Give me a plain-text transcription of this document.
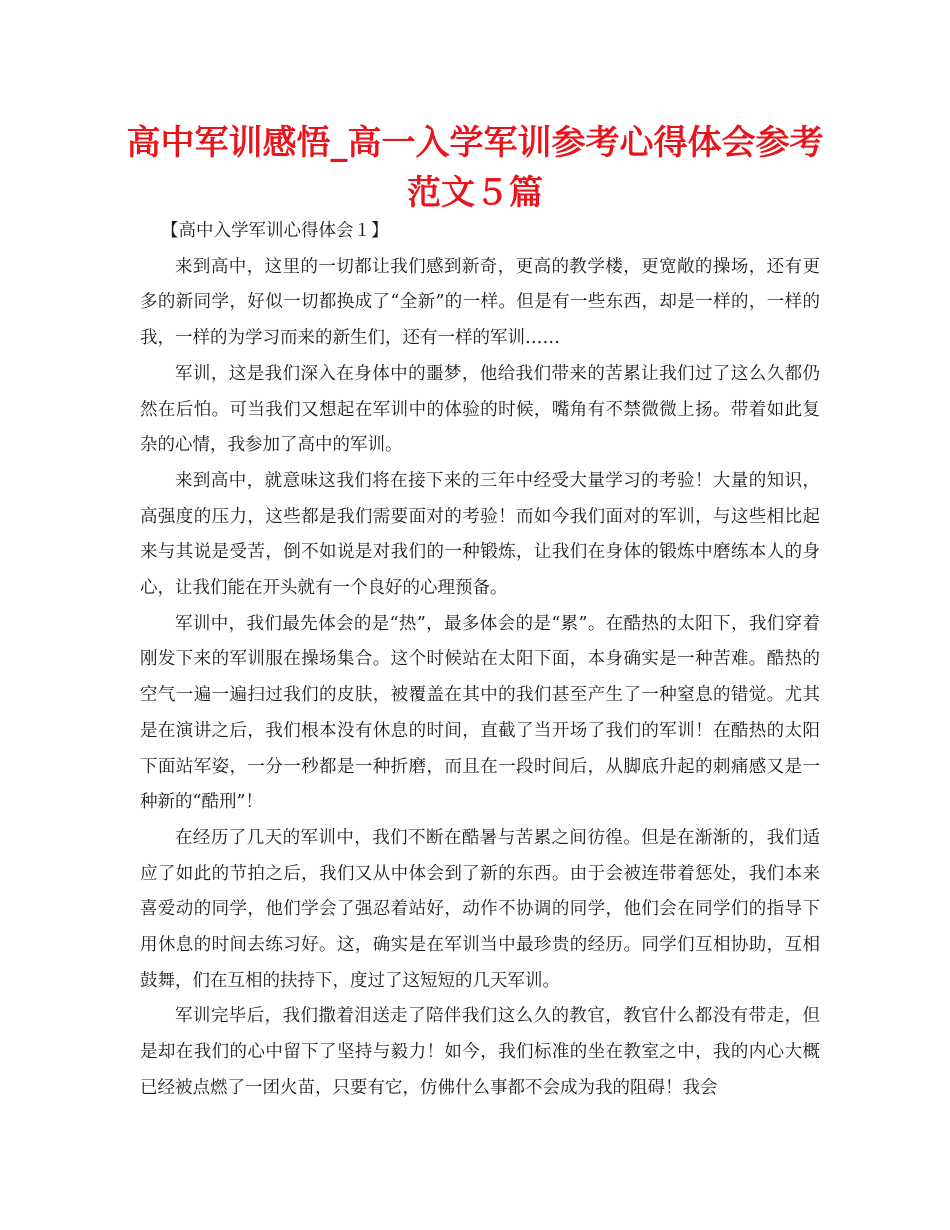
高中军训感悟_高一入学军训参考心得体会参考范文５篇

【高中入学军训心得体会１】

来到高中，这里的一切都让我们感到新奇，更高的教学楼，更宽敞的操场，还有更多的新同学，好似一切都换成了“全新”的一样。但是有一些东西，却是一样的，一样的我，一样的为学习而来的新生们，还有一样的军训……

军训，这是我们深入在身体中的噩梦，他给我们带来的苦累让我们过了这么久都仍然在后怕。可当我们又想起在军训中的体验的时候，嘴角有不禁微微上扬。带着如此复杂的心情，我参加了高中的军训。

来到高中，就意味这我们将在接下来的三年中经受大量学习的考验！大量的知识，高强度的压力，这些都是我们需要面对的考验！而如今我们面对的军训，与这些相比起来与其说是受苦，倒不如说是对我们的一种锻炼，让我们在身体的锻炼中磨练本人的身心，让我们能在开头就有一个良好的心理预备。

军训中，我们最先体会的是“热”，最多体会的是“累”。在酷热的太阳下，我们穿着刚发下来的军训服在操场集合。这个时候站在太阳下面，本身确实是一种苦难。酷热的空气一遍一遍扫过我们的皮肤，被覆盖在其中的我们甚至产生了一种窒息的错觉。尤其是在演讲之后，我们根本没有休息的时间，直截了当开场了我们的军训！在酷热的太阳下面站军姿，一分一秒都是一种折磨，而且在一段时间后，从脚底升起的刺痛感又是一种新的“酷刑”！

在经历了几天的军训中，我们不断在酷暑与苦累之间彷徨。但是在渐渐的，我们适应了如此的节拍之后，我们又从中体会到了新的东西。由于会被连带着惩处，我们本来喜爱动的同学，他们学会了强忍着站好，动作不协调的同学，他们会在同学们的指导下用休息的时间去练习好。这，确实是在军训当中最珍贵的经历。同学们互相协助，互相鼓舞，们在互相的扶持下，度过了这短短的几天军训。

军训完毕后，我们撒着泪送走了陪伴我们这么久的教官，教官什么都没有带走，但是却在我们的心中留下了坚持与毅力！如今，我们标准的坐在教室之中，我的内心大概已经被点燃了一团火苗，只要有它，仿佛什么事都不会成为我的阻碍！我会
